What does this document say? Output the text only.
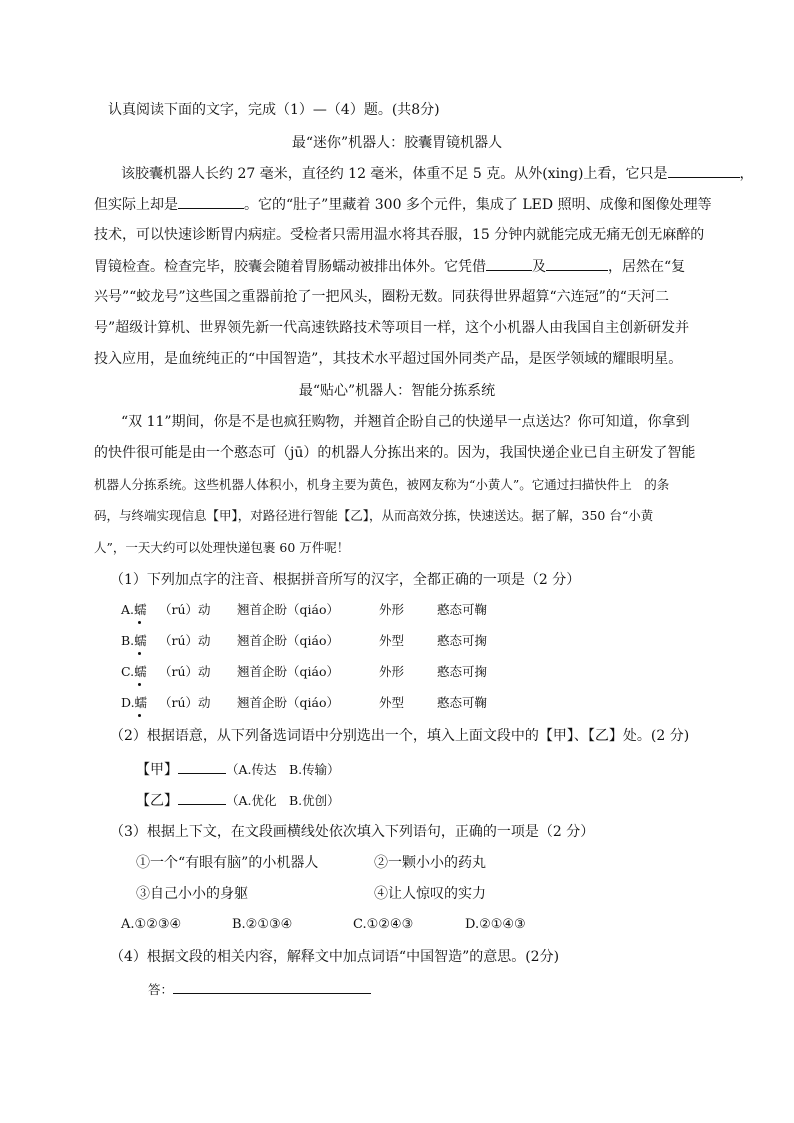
认真阅读下面的文字，完成（1）—（4）题。(共8分)
最“迷你”机器人：胶囊胃镜机器人
该胶囊机器人长约 27 毫米，直径约 12 毫米，体重不足 5 克。从外(xing)上看，它只是	，
但实际上却是	。它的“肚子”里藏着 300 多个元件，集成了 LED 照明、成像和图像处理等
技术，可以快速诊断胃内病症。受检者只需用温水将其吞服，15 分钟内就能完成无痛无创无麻醉的
胃镜检查。检查完毕，胶囊会随着胃肠蠕动被排出体外。它凭借	及	，居然在“复
兴号”“蛟龙号”这些国之重器前抢了一把风头，圈粉无数。同获得世界超算“六连冠”的“天河二
号”超级计算机、世界领先新一代高速铁路技术等项目一样，这个小机器人由我国自主创新研发并
投入应用，是血统纯正的“中国智造”，其技术水平超过国外同类产品，是医学领域的耀眼明星。
最“贴心”机器人：智能分拣系统
“双 11”期间，你是不是也疯狂购物，并翘首企盼自己的快递早一点送达？你可知道，你拿到
的快件很可能是由一个憨态可（jū）的机器人分拣出来的。因为，我国快递企业已自主研发了智能
机器人分拣系统。这些机器人体积小，机身主要为黄色，被网友称为“小黄人”。它通过扫描快件上　的条
码，与终端实现信息【甲】，对路径进行智能【乙】，从而高效分拣，快速送达。据了解，350 台“小黄
人”，一天大约可以处理快递包裹 60 万件呢！
（1）下列加点字的注音、根据拼音所写的汉字，全都正确的一项是（2 分）
A.蠕 （rú）动 翘首企盼（qiáo）	外形	憨态可鞠
B.蠕 （rú）动 翘首企盼（qiáo）	外型	憨态可掬
C.蠕 （rú）动 翘首企盼（qiáo）	外形	憨态可掬
D.蠕 （rú）动 翘首企盼（qiáo）	外型	憨态可鞠
（2）根据语意，从下列备选词语中分别选出一个，填入上面文段中的【甲】、【乙】处。(2 分)
【甲】	（A.传达　B.传输）
【乙】	（A.优化　B.优创）
（3）根据上下文，在文段画横线处依次填入下列语句，正确的一项是（2 分）
①一个“有眼有脑”的小机器人	②一颗小小的药丸
③自己小小的身躯	④让人惊叹的实力
A.①②③④	B.②①③④	C.①②④③	D.②①④③
（4）根据文段的相关内容，解释文中加点词语“中国智造”的意思。(2分)
答：
